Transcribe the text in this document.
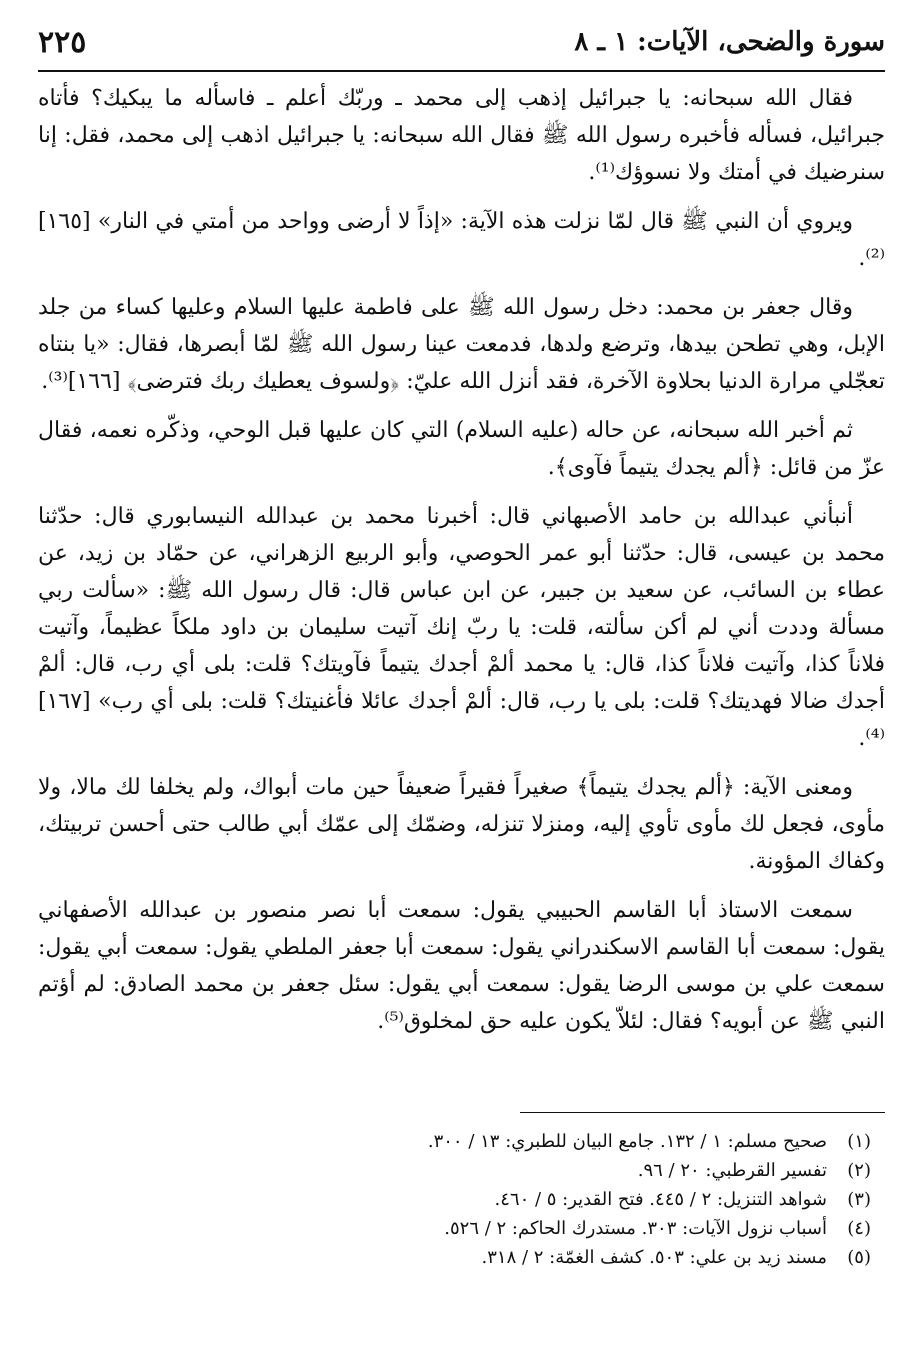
سورة والضحى، الآيات: ١ ـ ٨
٢٢٥

فقال الله سبحانه: يا جبرائيل إذهب إلى محمد ـ وربّك أعلم ـ فاسأله ما يبكيك؟ فأتاه جبرائيل، فسأله فأخبره رسول الله ﷺ فقال الله سبحانه: يا جبرائيل اذهب إلى محمد، فقل: إنا سنرضيك في أمتك ولا نسوؤك⁽¹⁾.

ويروي أن النبي ﷺ قال لمّا نزلت هذه الآية: «إذاً لا أرضى وواحد من أمتي في النار» [١٦٥]⁽²⁾.

وقال جعفر بن محمد: دخل رسول الله ﷺ على فاطمة عليها السلام وعليها كساء من جلد الإبل، وهي تطحن بيدها، وترضع ولدها، فدمعت عينا رسول الله ﷺ لمّا أبصرها، فقال: «يا بنتاه تعجّلي مرارة الدنيا بحلاوة الآخرة، فقد أنزل الله عليّ: ﴿ولسوف يعطيك ربك فترضى﴾ [١٦٦]⁽³⁾.

ثم أخبر الله سبحانه، عن حاله (عليه السلام) التي كان عليها قبل الوحي، وذكّره نعمه، فقال عزّ من قائل: ﴿ألم يجدك يتيماً فآوى﴾.

أنبأني عبدالله بن حامد الأصبهاني قال: أخبرنا محمد بن عبدالله النيسابوري قال: حدّثنا محمد بن عيسى، قال: حدّثنا أبو عمر الحوصي، وأبو الربيع الزهراني، عن حمّاد بن زيد، عن عطاء بن السائب، عن سعيد بن جبير، عن ابن عباس قال: قال رسول الله ﷺ: «سألت ربي مسألة وددت أني لم أكن سألته، قلت: يا ربّ إنك آتيت سليمان بن داود ملكاً عظيماً، وآتيت فلاناً كذا، وآتيت فلاناً كذا، قال: يا محمد ألمْ أجدك يتيماً فآويتك؟ قلت: بلى أي رب، قال: ألمْ أجدك ضالا فهديتك؟ قلت: بلى يا رب، قال: ألمْ أجدك عائلا فأغنيتك؟ قلت: بلى أي رب» [١٦٧]⁽⁴⁾.

ومعنى الآية: ﴿ألم يجدك يتيماً﴾ صغيراً فقيراً ضعيفاً حين مات أبواك، ولم يخلفا لك مالا، ولا مأوى، فجعل لك مأوى تأوي إليه، ومنزلا تنزله، وضمّك إلى عمّك أبي طالب حتى أحسن تربيتك، وكفاك المؤونة.

سمعت الاستاذ أبا القاسم الحبيبي يقول: سمعت أبا نصر منصور بن عبدالله الأصفهاني يقول: سمعت أبا القاسم الاسكندراني يقول: سمعت أبا جعفر الملطي يقول: سمعت أبي يقول: سمعت علي بن موسى الرضا يقول: سمعت أبي يقول: سئل جعفر بن محمد الصادق: لم أؤتم النبي ﷺ عن أبويه؟ فقال: لئلاّ يكون عليه حق لمخلوق⁽⁵⁾.

(١)
صحيح مسلم: ١ / ١٣٢. جامع البيان للطبري: ١٣ / ٣٠٠.
(٢)
تفسير القرطبي: ٢٠ / ٩٦.
(٣)
شواهد التنزيل: ٢ / ٤٤٥. فتح القدير: ٥ / ٤٦٠.
(٤)
أسباب نزول الآيات: ٣٠٣. مستدرك الحاكم: ٢ / ٥٢٦.
(٥)
مسند زيد بن علي: ٥٠٣. كشف الغمّة: ٢ / ٣١٨.
